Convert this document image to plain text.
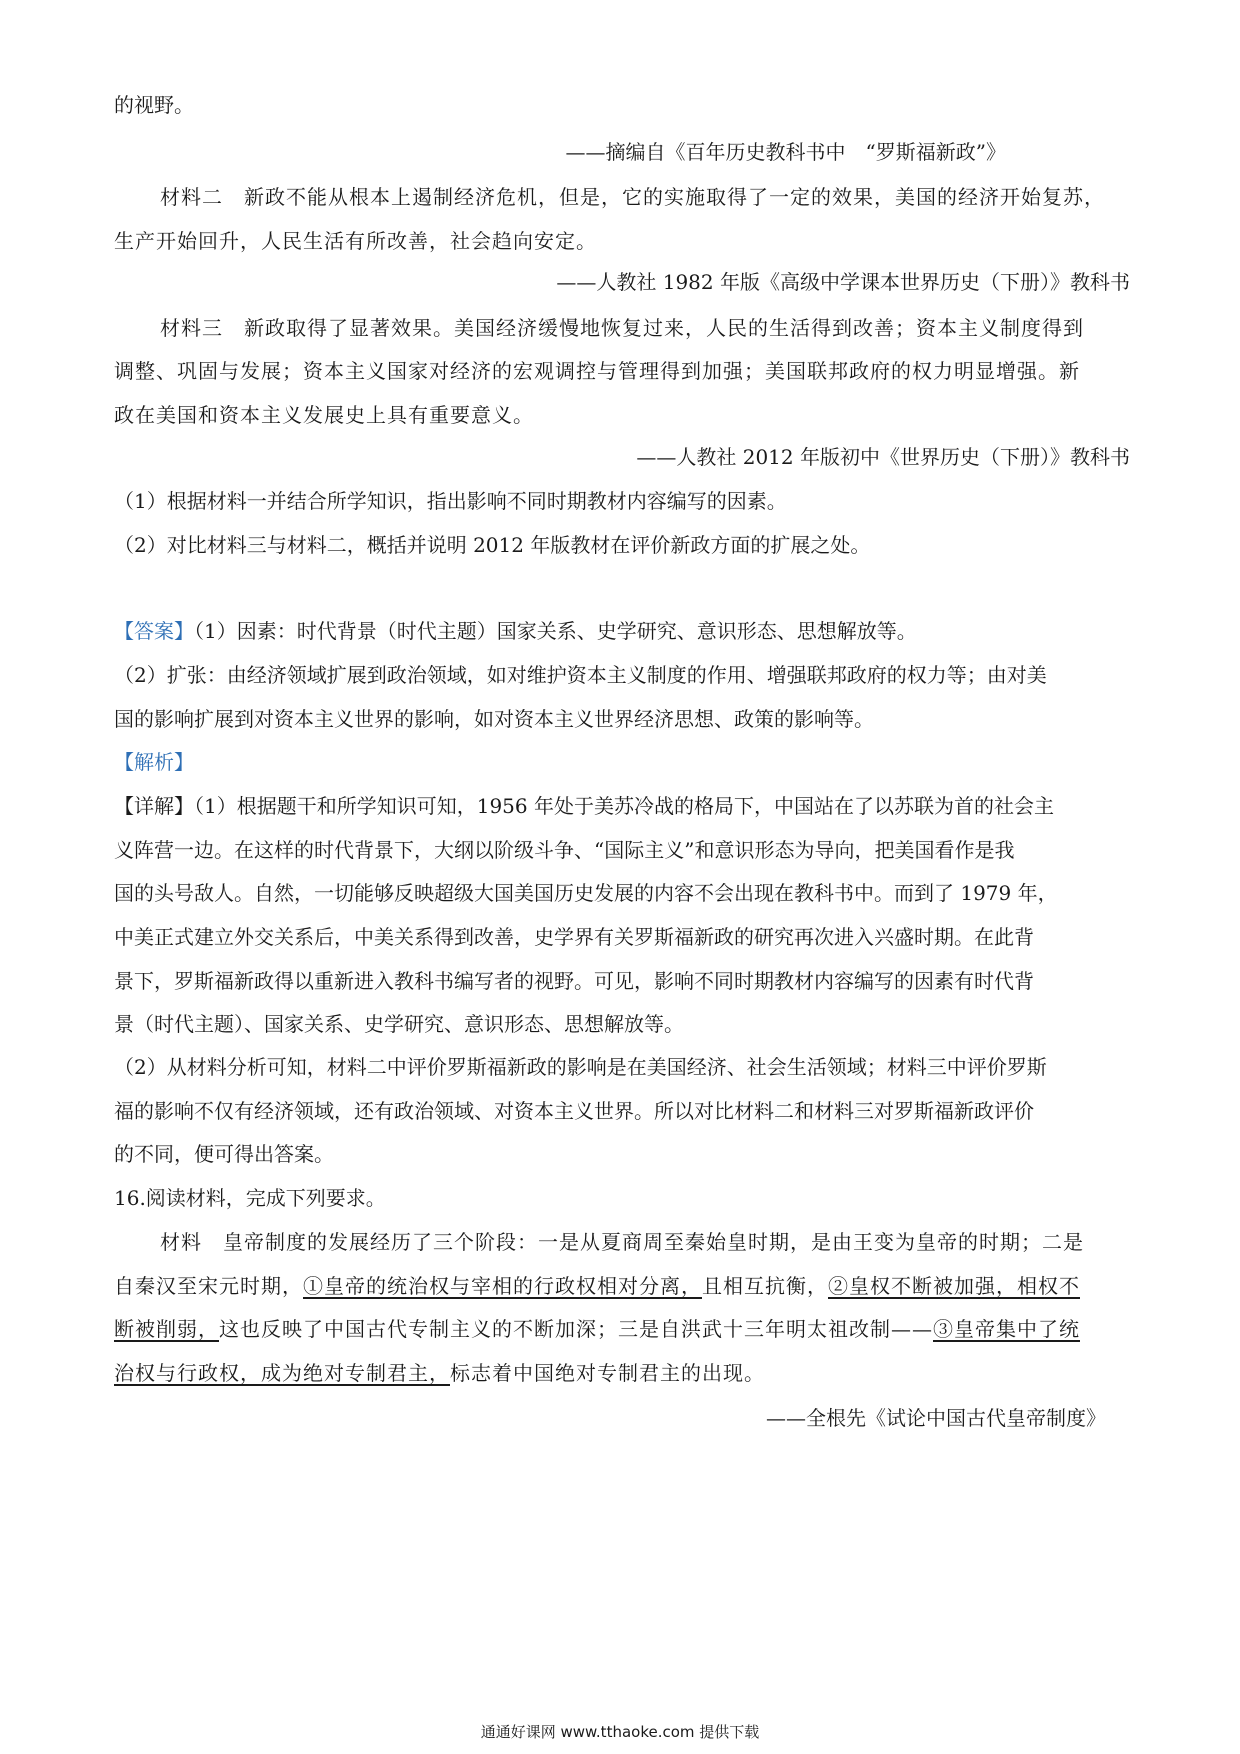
的视野。
——摘编自《百年历史教科书中　“罗斯福新政”》
材料二　新政不能从根本上遏制经济危机，但是，它的实施取得了一定的效果，美国的经济开始复苏，
生产开始回升，人民生活有所改善，社会趋向安定。
——人教社 1982 年版《高级中学课本世界历史（下册）》教科书
材料三　新政取得了显著效果。美国经济缓慢地恢复过来，人民的生活得到改善；资本主义制度得到
调整、巩固与发展；资本主义国家对经济的宏观调控与管理得到加强；美国联邦政府的权力明显增强。新
政在美国和资本主义发展史上具有重要意义。
——人教社 2012 年版初中《世界历史（下册）》教科书
（1）根据材料一并结合所学知识，指出影响不同时期教材内容编写的因素。
（2）对比材料三与材料二，概括并说明 2012 年版教材在评价新政方面的扩展之处。
【答案】（1）因素：时代背景（时代主题）国家关系、史学研究、意识形态、思想解放等。
（2）扩张：由经济领域扩展到政治领域，如对维护资本主义制度的作用、增强联邦政府的权力等；由对美
国的影响扩展到对资本主义世界的影响，如对资本主义世界经济思想、政策的影响等。
【解析】
【详解】（1）根据题干和所学知识可知，1956 年处于美苏冷战的格局下，中国站在了以苏联为首的社会主
义阵营一边。在这样的时代背景下，大纲以阶级斗争、“国际主义”和意识形态为导向，把美国看作是我
国的头号敌人。自然，一切能够反映超级大国美国历史发展的内容不会出现在教科书中。而到了 1979 年，
中美正式建立外交关系后，中美关系得到改善，史学界有关罗斯福新政的研究再次进入兴盛时期。在此背
景下，罗斯福新政得以重新进入教科书编写者的视野。可见，影响不同时期教材内容编写的因素有时代背
景（时代主题）、国家关系、史学研究、意识形态、思想解放等。
（2）从材料分析可知，材料二中评价罗斯福新政的影响是在美国经济、社会生活领域；材料三中评价罗斯
福的影响不仅有经济领域，还有政治领域、对资本主义世界。所以对比材料二和材料三对罗斯福新政评价
的不同，便可得出答案。
16.阅读材料，完成下列要求。
材料　皇帝制度的发展经历了三个阶段：一是从夏商周至秦始皇时期，是由王变为皇帝的时期；二是
自秦汉至宋元时期，①皇帝的统治权与宰相的行政权相对分离，且相互抗衡，②皇权不断被加强，相权不
断被削弱，这也反映了中国古代专制主义的不断加深；三是自洪武十三年明太祖改制——③皇帝集中了统
治权与行政权，成为绝对专制君主，标志着中国绝对专制君主的出现。
——全根先《试论中国古代皇帝制度》
通通好课网 www.tthaoke.com 提供下载
